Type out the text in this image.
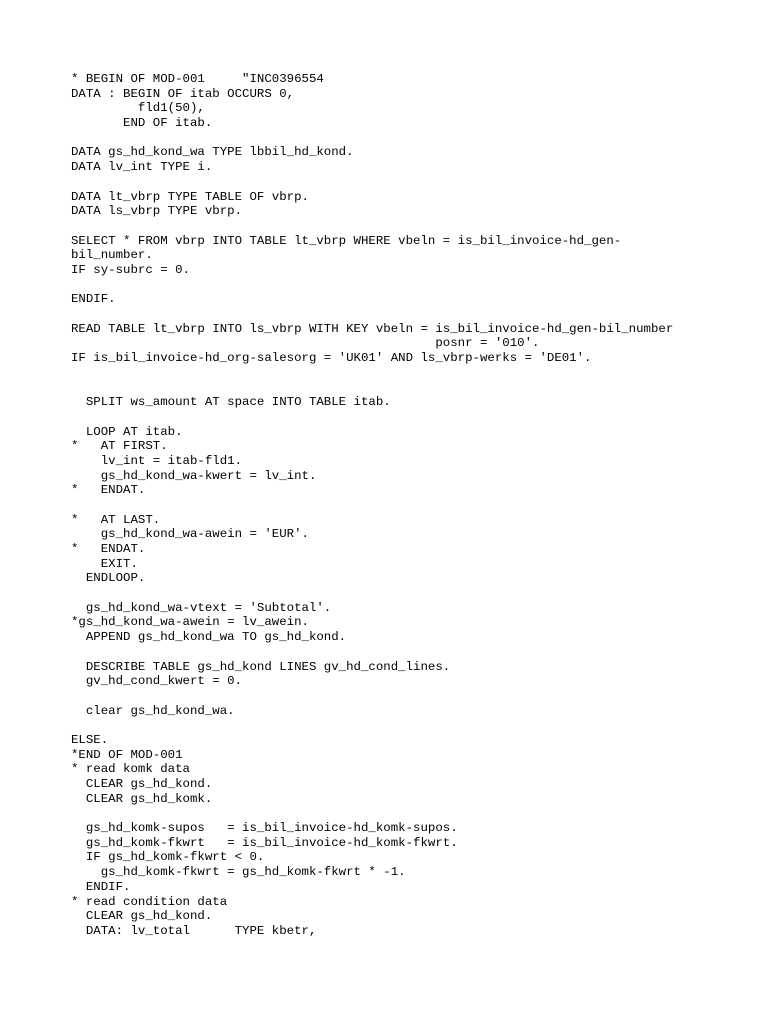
* BEGIN OF MOD-001     "INC0396554
DATA : BEGIN OF itab OCCURS 0,
fld1(50),
END OF itab.
DATA gs_hd_kond_wa TYPE lbbil_hd_kond.
DATA lv_int TYPE i.
DATA lt_vbrp TYPE TABLE OF vbrp.
DATA ls_vbrp TYPE vbrp.
SELECT * FROM vbrp INTO TABLE lt_vbrp WHERE vbeln = is_bil_invoice-hd_gen-
bil_number.
IF sy-subrc = 0.
ENDIF.
READ TABLE lt_vbrp INTO ls_vbrp WITH KEY vbeln = is_bil_invoice-hd_gen-bil_number
posnr = '010'.
IF is_bil_invoice-hd_org-salesorg = 'UK01' AND ls_vbrp-werks = 'DE01'.
SPLIT ws_amount AT space INTO TABLE itab.
LOOP AT itab.
*   AT FIRST.
lv_int = itab-fld1.
gs_hd_kond_wa-kwert = lv_int.
*   ENDAT.
*   AT LAST.
gs_hd_kond_wa-awein = 'EUR'.
*   ENDAT.
EXIT.
ENDLOOP.
gs_hd_kond_wa-vtext = 'Subtotal'.
*gs_hd_kond_wa-awein = lv_awein.
APPEND gs_hd_kond_wa TO gs_hd_kond.
DESCRIBE TABLE gs_hd_kond LINES gv_hd_cond_lines.
gv_hd_cond_kwert = 0.
clear gs_hd_kond_wa.
ELSE.
*END OF MOD-001
* read komk data
CLEAR gs_hd_kond.
CLEAR gs_hd_komk.
gs_hd_komk-supos   = is_bil_invoice-hd_komk-supos.
gs_hd_komk-fkwrt   = is_bil_invoice-hd_komk-fkwrt.
IF gs_hd_komk-fkwrt < 0.
gs_hd_komk-fkwrt = gs_hd_komk-fkwrt * -1.
ENDIF.
* read condition data
CLEAR gs_hd_kond.
DATA: lv_total      TYPE kbetr,
